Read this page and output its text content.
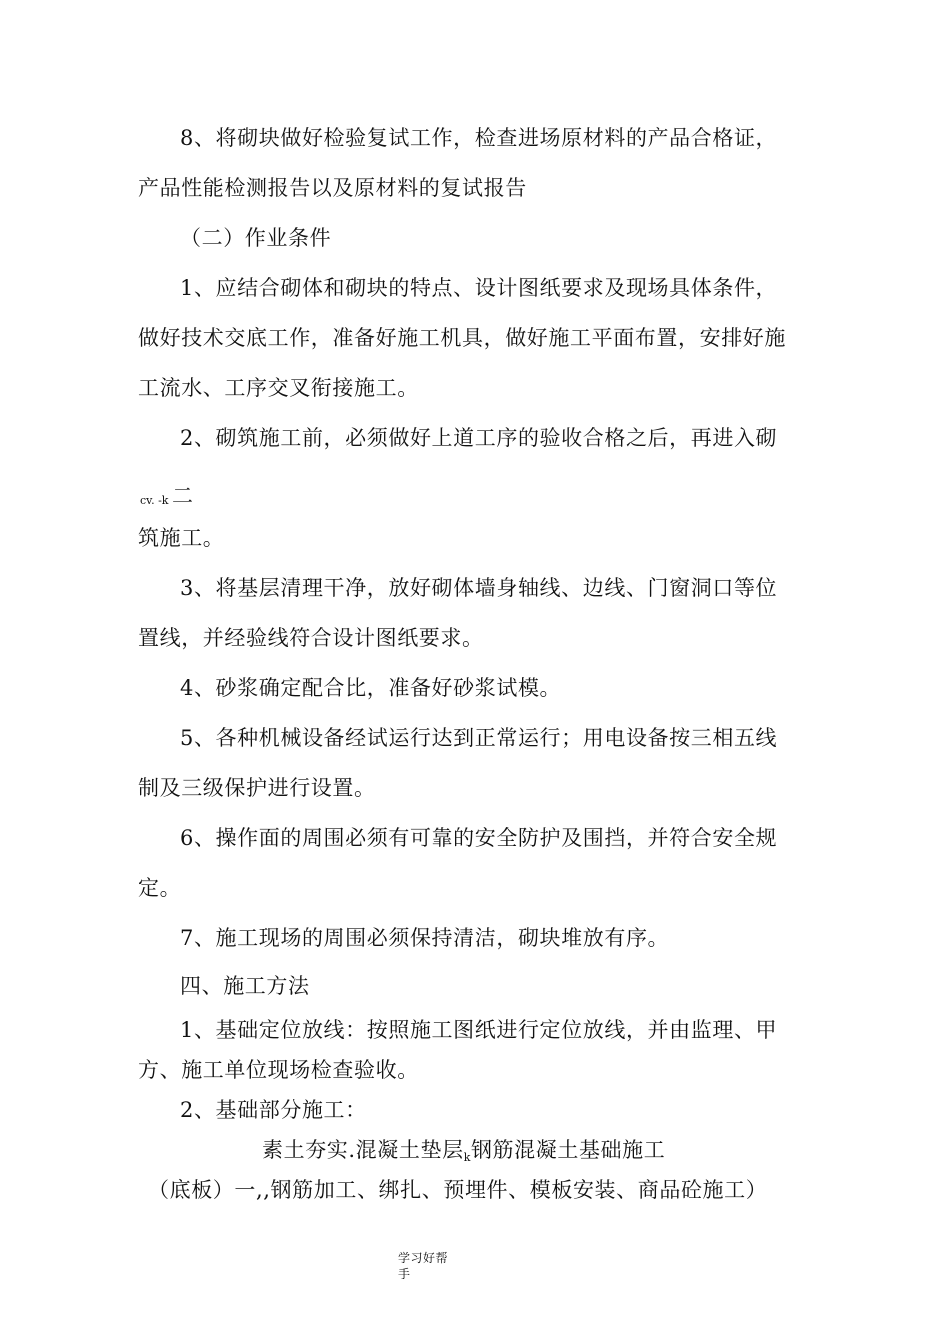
8、将砌块做好检验复试工作，检查进场原材料的产品合格证，
产品性能检测报告以及原材料的复试报告
（二）作业条件
1、应结合砌体和砌块的特点、设计图纸要求及现场具体条件，
做好技术交底工作，准备好施工机具，做好施工平面布置，安排好施
工流水、工序交叉衔接施工。
2、砌筑施工前，必须做好上道工序的验收合格之后，再进入砌
cv. -k 二
筑施工。
3、将基层清理干净，放好砌体墙身轴线、边线、门窗洞口等位
置线，并经验线符合设计图纸要求。
4、砂浆确定配合比，准备好砂浆试模。
5、各种机械设备经试运行达到正常运行；用电设备按三相五线
制及三级保护进行设置。
6、操作面的周围必须有可靠的安全防护及围挡，并符合安全规
定。
7、施工现场的周围必须保持清洁，砌块堆放有序。
四、施工方法
1、基础定位放线：按照施工图纸进行定位放线，并由监理、甲
方、施工单位现场检查验收。
2、基础部分施工：
素土夯实.混凝土垫层$_k$钢筋混凝土基础施工
（底板）一,,钢筋加工、绑扎、预埋件、模板安装、商品砼施工）
学习好帮
手
